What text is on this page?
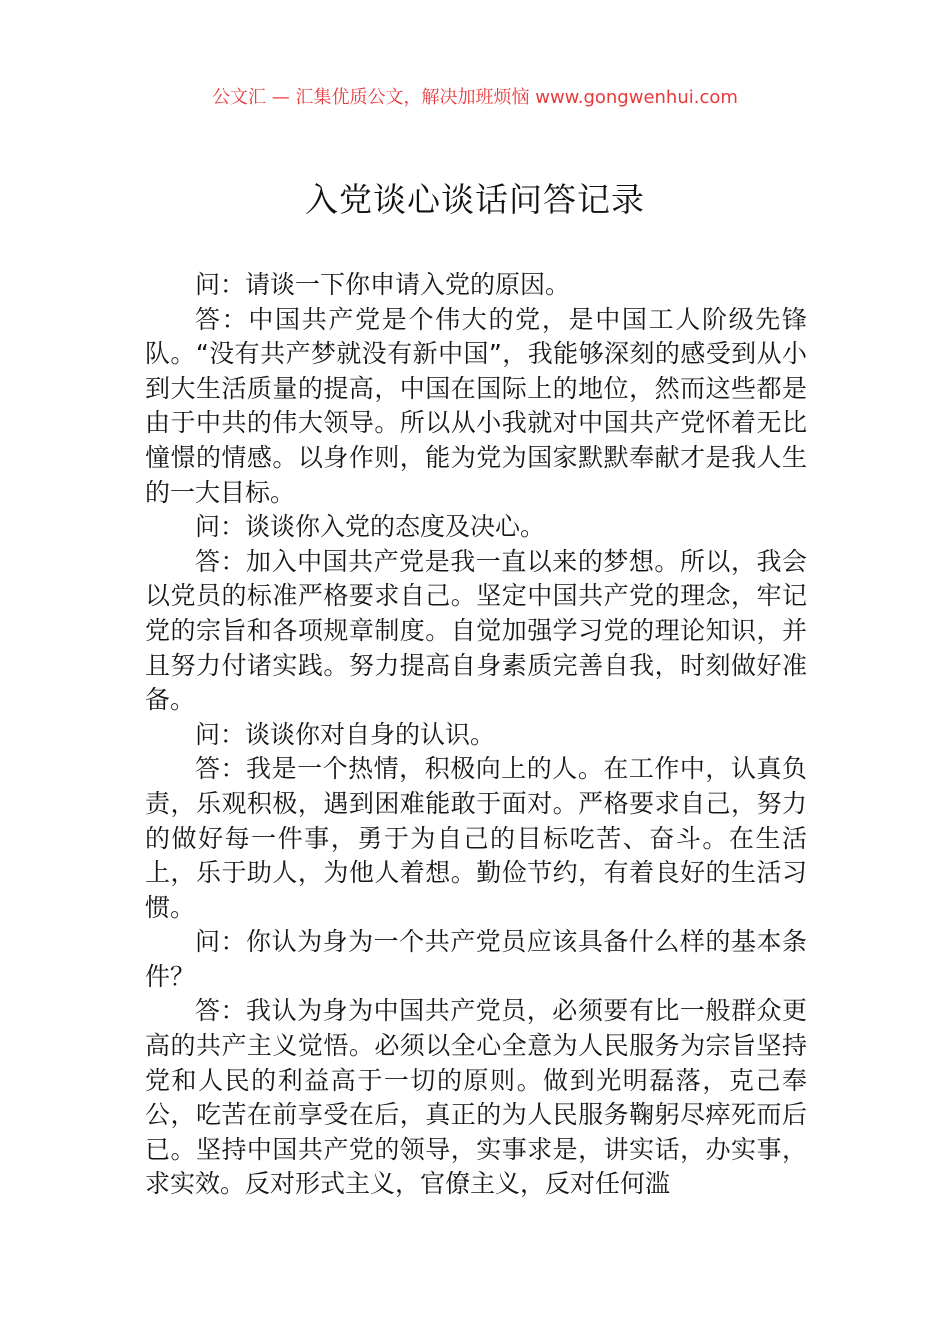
公文汇 — 汇集优质公文，解决加班烦恼 www.gongwenhui.com
入党谈心谈话问答记录

问：请谈一下你申请入党的原因。

答：中国共产党是个伟大的党，是中国工人阶级先锋队。“没有共产梦就没有新中国”，我能够深刻的感受到从小到大生活质量的提高，中国在国际上的地位，然而这些都是由于中共的伟大领导。所以从小我就对中国共产党怀着无比憧憬的情感。以身作则，能为党为国家默默奉献才是我人生的一大目标。

问：谈谈你入党的态度及决心。

答：加入中国共产党是我一直以来的梦想。所以，我会以党员的标准严格要求自己。坚定中国共产党的理念，牢记党的宗旨和各项规章制度。自觉加强学习党的理论知识，并且努力付诸实践。努力提高自身素质完善自我，时刻做好准备。

问：谈谈你对自身的认识。

答：我是一个热情，积极向上的人。在工作中，认真负责，乐观积极，遇到困难能敢于面对。严格要求自己，努力的做好每一件事，勇于为自己的目标吃苦、奋斗。在生活上，乐于助人，为他人着想。勤俭节约，有着良好的生活习惯。

问：你认为身为一个共产党员应该具备什么样的基本条件？

答：我认为身为中国共产党员，必须要有比一般群众更高的共产主义觉悟。必须以全心全意为人民服务为宗旨坚持党和人民的利益高于一切的原则。做到光明磊落，克己奉公，吃苦在前享受在后，真正的为人民服务鞠躬尽瘁死而后已。坚持中国共产党的领导，实事求是，讲实话，办实事，求实效。反对形式主义，官僚主义，反对任何滥
